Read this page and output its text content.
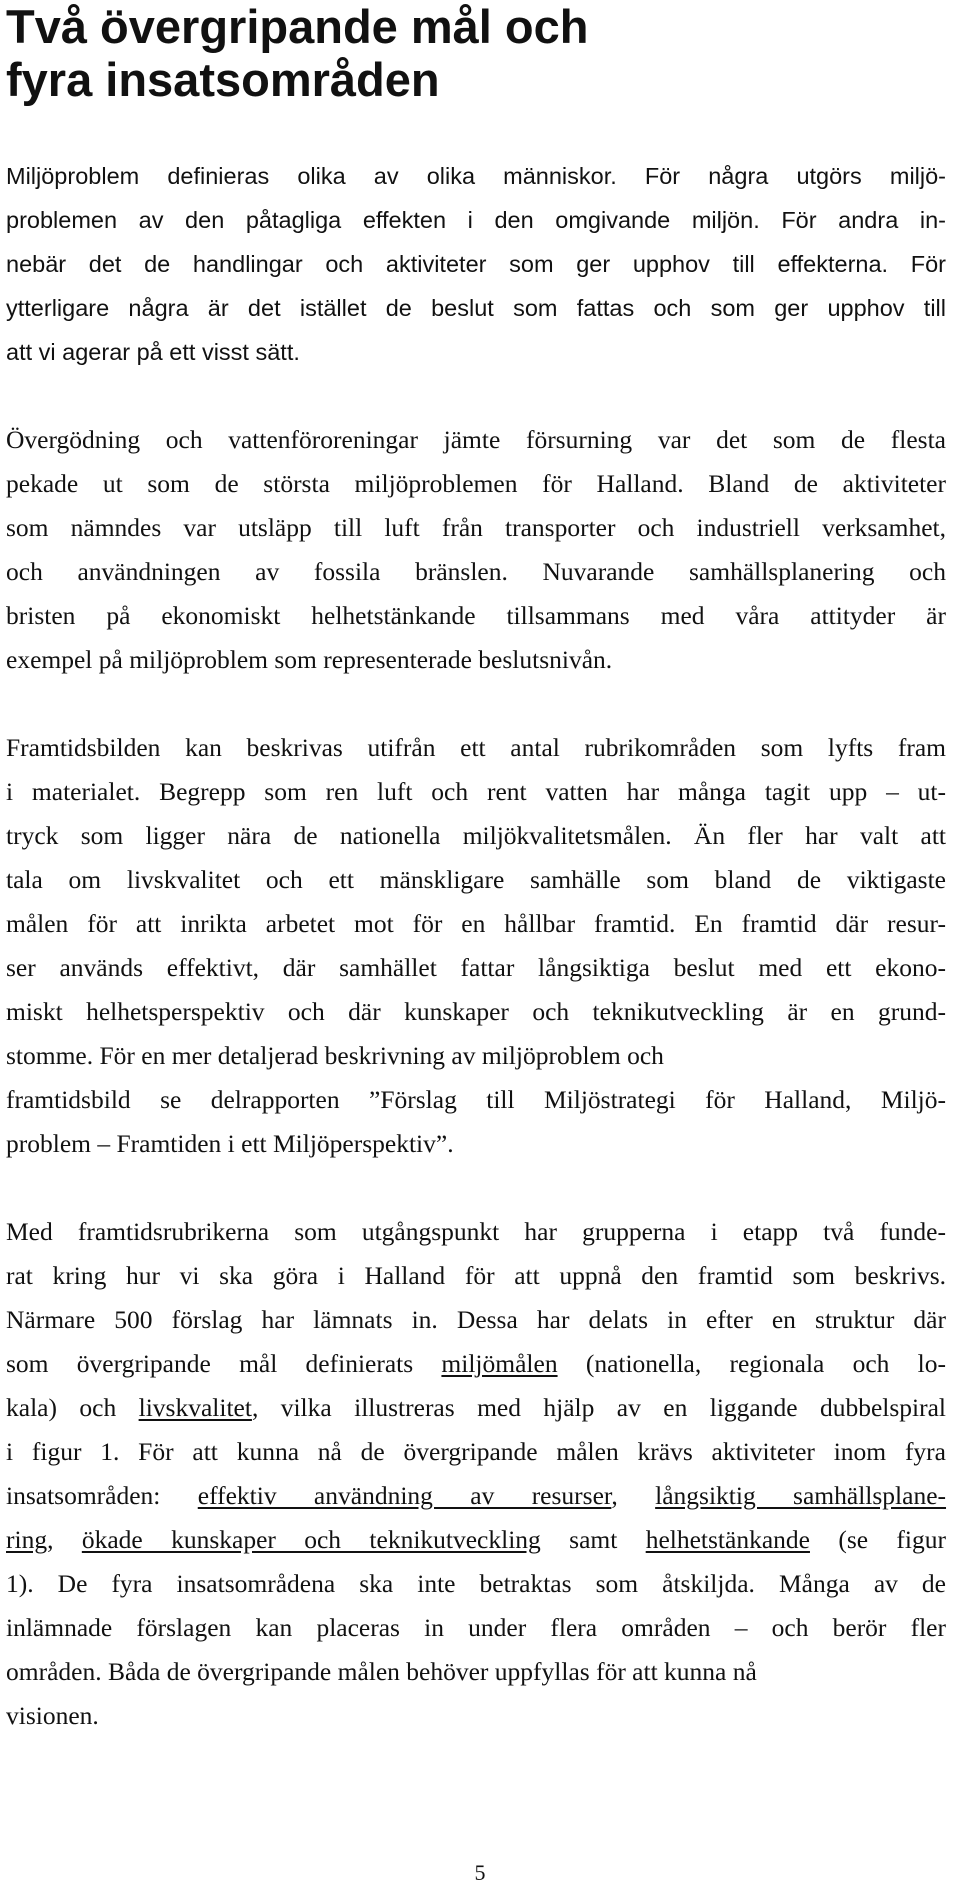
Två övergripande mål och
fyra insatsområden

Miljöproblem definieras olika av olika människor. För några utgörs miljö-
problemen av den påtagliga effekten i den omgivande miljön. För andra in-
nebär det de handlingar och aktiviteter som ger upphov till effekterna. För
ytterligare några är det istället de beslut som fattas och som ger upphov till
att vi agerar på ett visst sätt.

Övergödning och vattenföroreningar jämte försurning var det som de flesta
pekade ut som de största miljöproblemen för Halland. Bland de aktiviteter
som nämndes var utsläpp till luft från transporter och industriell verksamhet,
och användningen av fossila bränslen. Nuvarande samhällsplanering och
bristen på ekonomiskt helhetstänkande tillsammans med våra attityder är
exempel på miljöproblem som representerade beslutsnivån.

Framtidsbilden kan beskrivas utifrån ett antal rubrikområden som lyfts fram
i materialet. Begrepp som ren luft och rent vatten har många tagit upp – ut-
tryck som ligger nära de nationella miljökvalitetsmålen. Än fler har valt att
tala om livskvalitet och ett mänskligare samhälle som bland de viktigaste
målen för att inrikta arbetet mot för en hållbar framtid. En framtid där resur-
ser används effektivt, där samhället fattar långsiktiga beslut med ett ekono-
miskt helhetsperspektiv och där kunskaper och teknikutveckling är en grund-
stomme. För en mer detaljerad beskrivning av miljöproblem och
framtidsbild se delrapporten ”Förslag till Miljöstrategi för Halland, Miljö-
problem – Framtiden i ett Miljöperspektiv”.

Med framtidsrubrikerna som utgångspunkt har grupperna i etapp två funde-
rat kring hur vi ska göra i Halland för att uppnå den framtid som beskrivs.
Närmare 500 förslag har lämnats in. Dessa har delats in efter en struktur där
som övergripande mål definierats miljömålen (nationella, regionala och lo-
kala) och livskvalitet, vilka illustreras med hjälp av en liggande dubbelspiral
i figur 1. För att kunna nå de övergripande målen krävs aktiviteter inom fyra
insatsområden: effektiv användning av resurser, långsiktig samhällsplane-
ring, ökade kunskaper och teknikutveckling samt helhetstänkande (se figur
1). De fyra insatsområdena ska inte betraktas som åtskiljda. Många av de
inlämnade förslagen kan placeras in under flera områden – och berör fler
områden. Båda de övergripande målen behöver uppfyllas för att kunna nå
visionen.

5
